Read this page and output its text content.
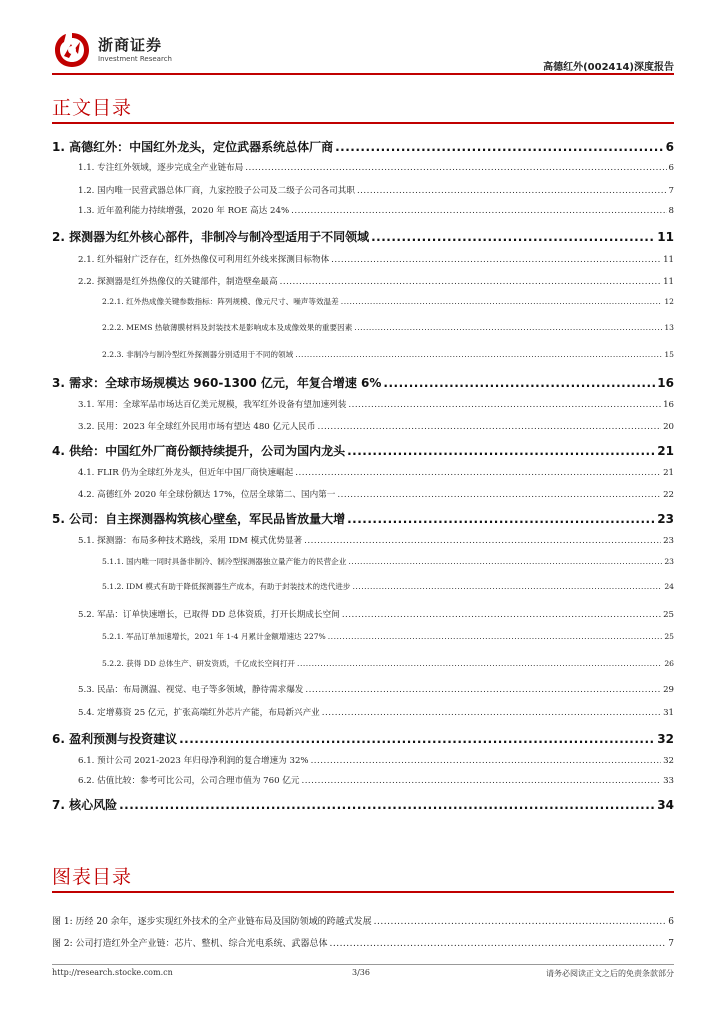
浙商证券
Investment Research
高德红外(002414)深度报告
正文目录
1. 高德红外：中国红外龙头，定位武器系统总体厂商 .....	6
1.1. 专注红外领域，逐步完成全产业链布局 .....	6
1.2. 国内唯一民营武器总体厂商，九家控股子公司及二级子公司各司其职 .....	7
1.3. 近年盈利能力持续增强，2020 年 ROE 高达 24% .....	8
2. 探测器为红外核心部件，非制冷与制冷型适用于不同领域 .....	11
2.1. 红外辐射广泛存在，红外热像仪可利用红外线来探测目标物体 .....	11
2.2. 探测器是红外热像仪的关键部件，制造壁垒最高 .....	11
2.2.1. 红外热成像关键参数指标：阵列规模、像元尺寸、噪声等效温差 .....	12
2.2.2. MEMS 热敏薄膜材料及封装技术是影响成本及成像效果的重要因素 .....	13
2.2.3. 非制冷与制冷型红外探测器分别适用于不同的领域 .....	15
3. 需求：全球市场规模达 960-1300 亿元，年复合增速 6% .....	16
3.1. 军用：全球军品市场达百亿美元规模，我军红外设备有望加速列装 .....	16
3.2. 民用：2023 年全球红外民用市场有望达 480 亿元人民币 .....	20
4. 供给：中国红外厂商份额持续提升，公司为国内龙头 .....	21
4.1. FLIR 仍为全球红外龙头，但近年中国厂商快速崛起 .....	21
4.2. 高德红外 2020 年全球份额达 17%，位居全球第二、国内第一 .....	22
5. 公司：自主探测器构筑核心壁垒，军民品皆放量大增 .....	23
5.1. 探测器：布局多种技术路线，采用 IDM 模式优势显著 .....	23
5.1.1. 国内唯一同时具备非制冷、制冷型探测器独立量产能力的民营企业 .....	23
5.1.2. IDM 模式有助于降低探测器生产成本，有助于封装技术的迭代进步 .....	24
5.2. 军品：订单快速增长，已取得 DD 总体资质，打开长期成长空间 .....	25
5.2.1. 军品订单加速增长，2021 年 1-4 月累计金额增速达 227% .....	25
5.2.2. 获得 DD 总体生产、研发资质，千亿成长空间打开 .....	26
5.3. 民品：布局测温、视觉、电子等多领域，静待需求爆发 .....	29
5.4. 定增募资 25 亿元，扩张高端红外芯片产能，布局新兴产业 .....	31
6. 盈利预测与投资建议 .....	32
6.1. 预计公司 2021-2023 年归母净利润的复合增速为 32% .....	32
6.2. 估值比较：参考可比公司，公司合理市值为 760 亿元 .....	33
7. 核心风险 .....	34
图表目录
图 1: 历经 20 余年，逐步实现红外技术的全产业链布局及国防领域的跨越式发展 .....	6
图 2: 公司打造红外全产业链：芯片、整机、综合光电系统、武器总体 .....	7
http://research.stocke.com.cn	3/36	请务必阅读正文之后的免责条款部分
